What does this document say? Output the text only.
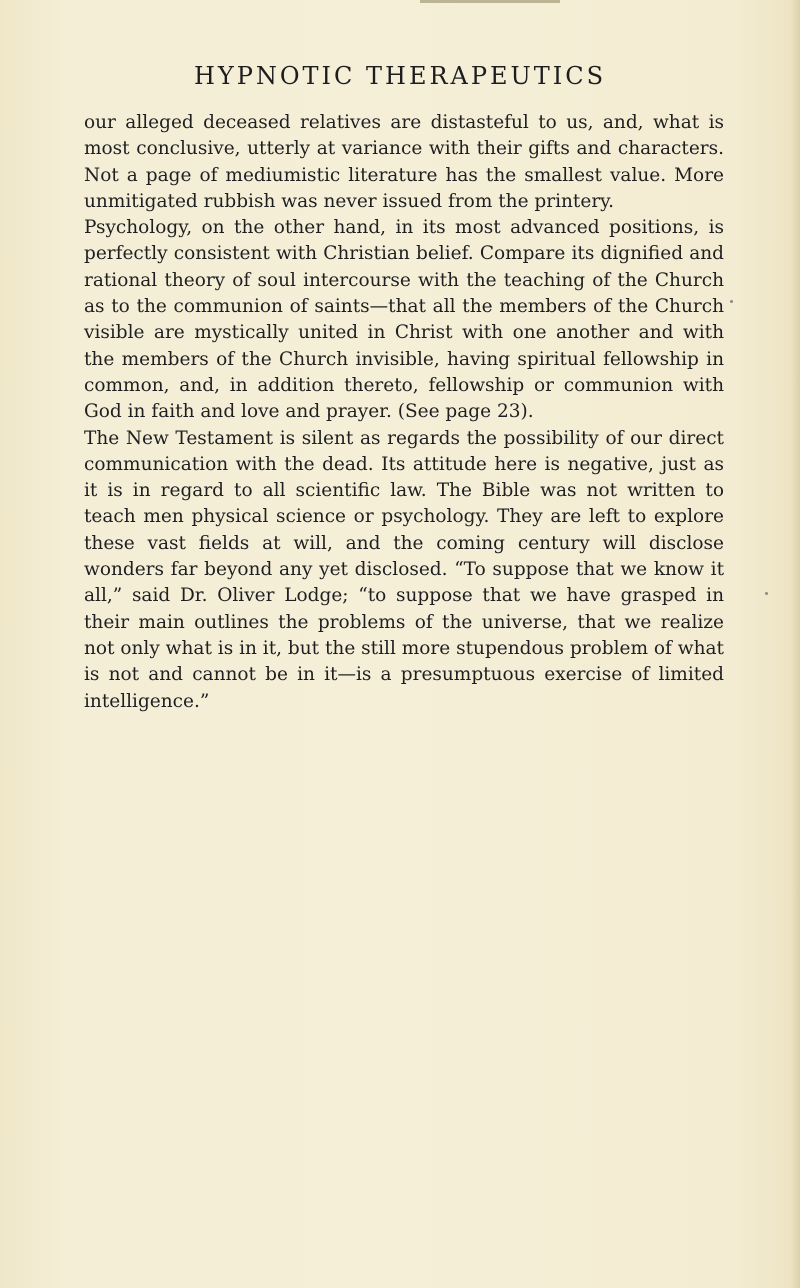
HYPNOTIC THERAPEUTICS

our alleged deceased relatives are distasteful to us, and, what is most conclusive, utterly at variance with their gifts and characters. Not a page of mediumistic literature has the smallest value. More unmitigated rubbish was never issued from the printery.

Psychology, on the other hand, in its most advanced positions, is perfectly consistent with Christian belief. Compare its dignified and rational theory of soul intercourse with the teaching of the Church as to the communion of saints—that all the members of the Church visible are mystically united in Christ with one another and with the members of the Church invisible, having spiritual fellowship in common, and, in addition thereto, fellowship or communion with God in faith and love and prayer. (See page 23).

The New Testament is silent as regards the possibility of our direct communication with the dead. Its attitude here is negative, just as it is in regard to all scientific law. The Bible was not written to teach men physical science or psychology. They are left to explore these vast fields at will, and the coming century will disclose wonders far beyond any yet disclosed. “To suppose that we know it all,” said Dr. Oliver Lodge; “to suppose that we have grasped in their main outlines the problems of the universe, that we realize not only what is in it, but the still more stupendous problem of what is not and cannot be in it—is a presumptuous exercise of limited intelligence.”
